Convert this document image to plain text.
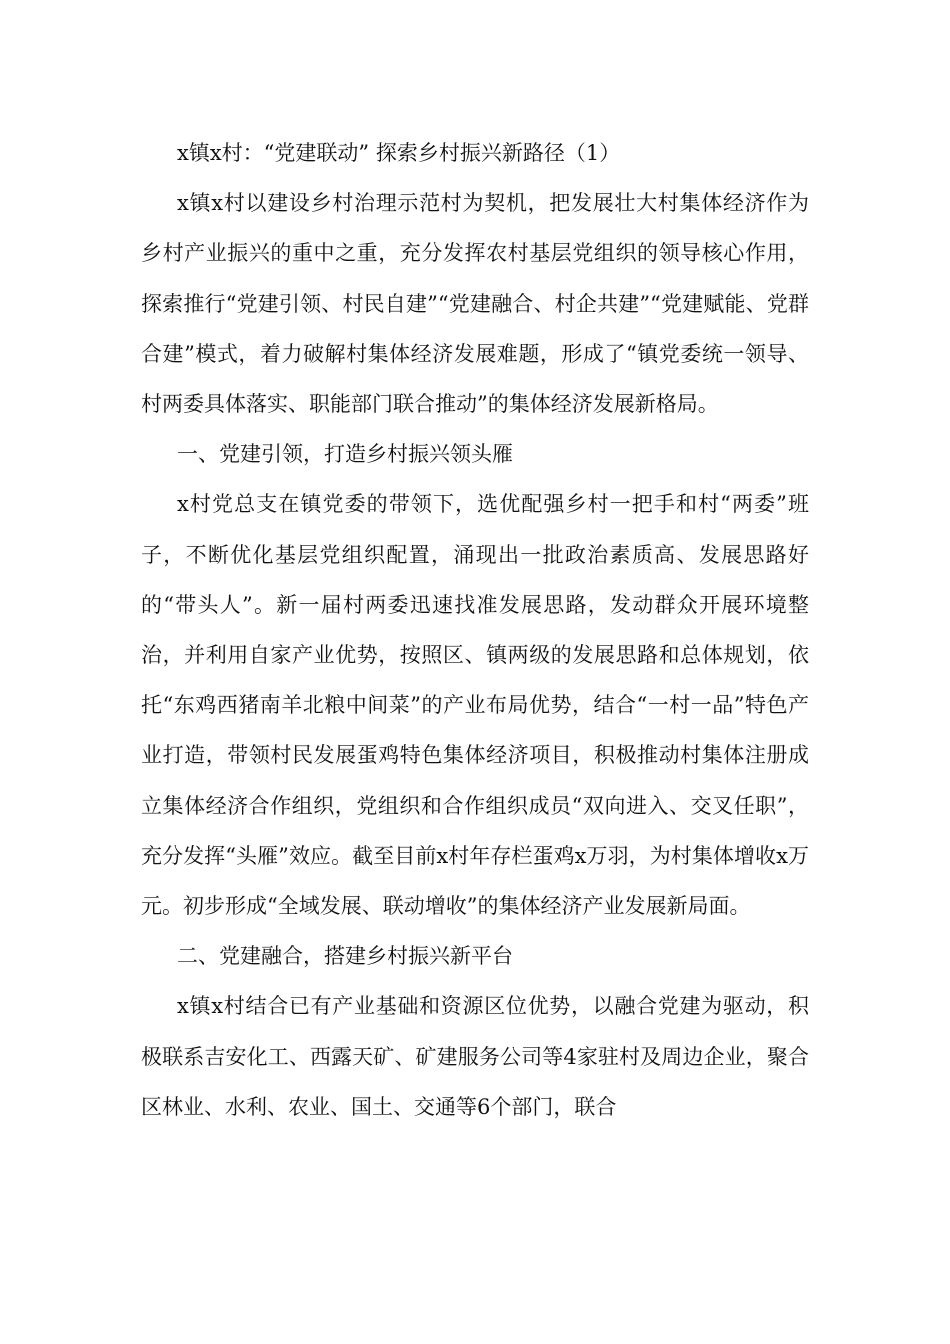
x镇x村：“党建联动” 探索乡村振兴新路径（1）

x镇x村以建设乡村治理示范村为契机，把发展壮大村集体经济作为乡村产业振兴的重中之重，充分发挥农村基层党组织的领导核心作用，探索推行“党建引领、村民自建”“党建融合、村企共建”“党建赋能、党群合建”模式，着力破解村集体经济发展难题，形成了“镇党委统一领导、村两委具体落实、职能部门联合推动”的集体经济发展新格局。

一、党建引领，打造乡村振兴领头雁

x村党总支在镇党委的带领下，选优配强乡村一把手和村“两委”班子，不断优化基层党组织配置，涌现出一批政治素质高、发展思路好的“带头人”。新一届村两委迅速找准发展思路，发动群众开展环境整治，并利用自家产业优势，按照区、镇两级的发展思路和总体规划，依托“东鸡西猪南羊北粮中间菜”的产业布局优势，结合“一村一品”特色产业打造，带领村民发展蛋鸡特色集体经济项目，积极推动村集体注册成立集体经济合作组织，党组织和合作组织成员“双向进入、交叉任职”，充分发挥“头雁”效应。截至目前x村年存栏蛋鸡x万羽，为村集体增收x万元。初步形成“全域发展、联动增收”的集体经济产业发展新局面。

二、党建融合，搭建乡村振兴新平台

x镇x村结合已有产业基础和资源区位优势，以融合党建为驱动，积极联系吉安化工、西露天矿、矿建服务公司等4家驻村及周边企业，聚合区林业、水利、农业、国土、交通等6个部门，联合
